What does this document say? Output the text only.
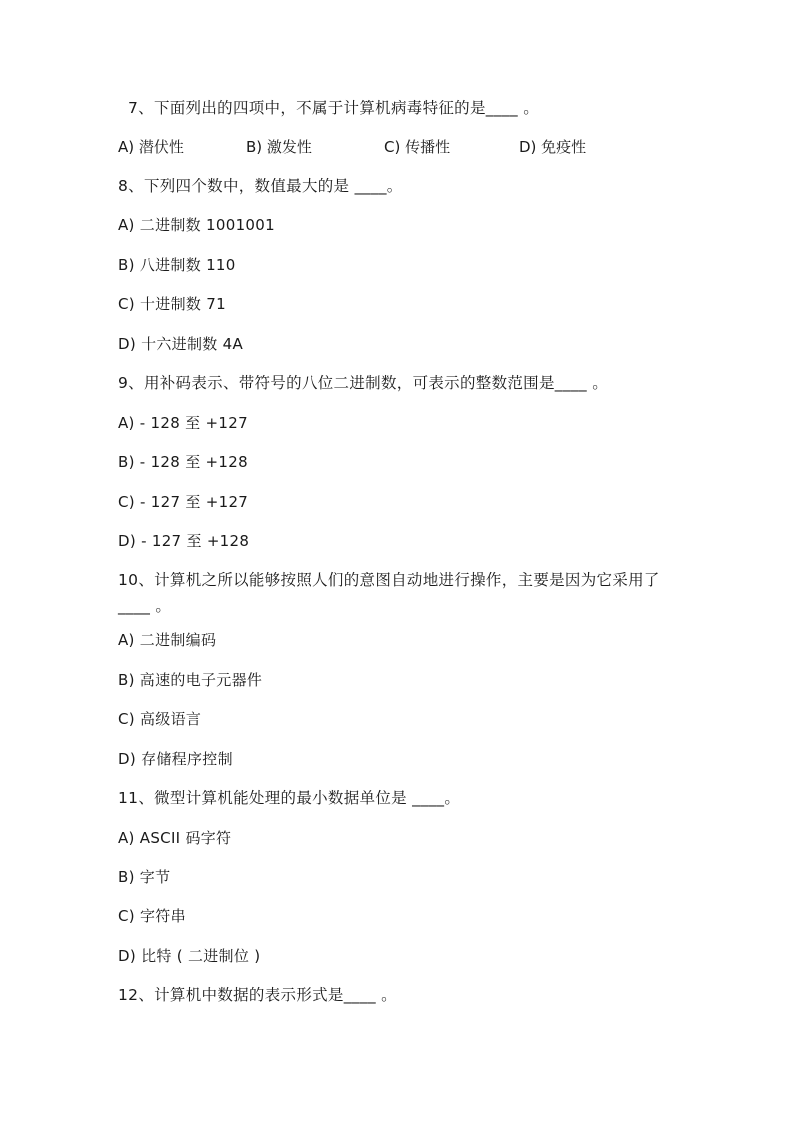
7、下面列出的四项中，不属于计算机病毒特征的是____ 。
A) 潜伏性	B) 激发性	C) 传播性	D) 免疫性
8、下列四个数中，数值最大的是 ____。
A) 二进制数 1001001
B) 八进制数 110
C) 十进制数 71
D) 十六进制数 4A
9、用补码表示、带符号的八位二进制数，可表示的整数范围是____ 。
A) - 128 至 +127
B) - 128 至 +128
C) - 127 至 +127
D) - 127 至 +128
10、计算机之所以能够按照人们的意图自动地进行操作，主要是因为它采用了
____ 。
A) 二进制编码
B) 高速的电子元器件
C) 高级语言
D) 存储程序控制
11、微型计算机能处理的最小数据单位是 ____。
A) ASCII 码字符
B) 字节
C) 字符串
D) 比特 ( 二进制位 )
12、计算机中数据的表示形式是____ 。
